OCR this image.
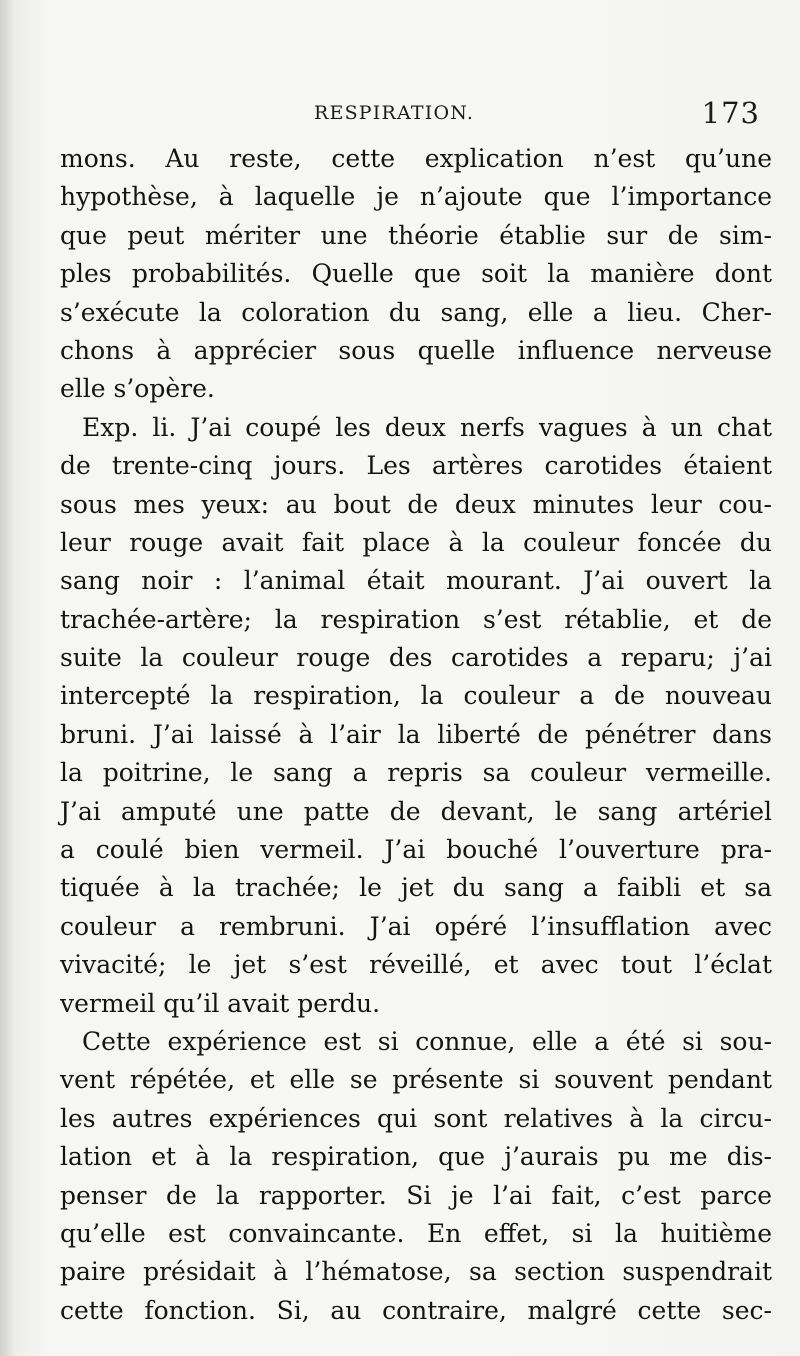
RESPIRATION.	173
mons. Au reste, cette explication n’est qu’une
hypothèse, à laquelle je n’ajoute que l’importance
que peut mériter une théorie établie sur de sim-
ples probabilités. Quelle que soit la manière dont
s’exécute la coloration du sang, elle a lieu. Cher-
chons à apprécier sous quelle influence nerveuse
elle s’opère.
Exp. li. J’ai coupé les deux nerfs vagues à un chat
de trente-cinq jours. Les artères carotides étaient
sous mes yeux: au bout de deux minutes leur cou-
leur rouge avait fait place à la couleur foncée du
sang noir : l’animal était mourant. J’ai ouvert la
trachée-artère; la respiration s’est rétablie, et de
suite la couleur rouge des carotides a reparu; j’ai
intercepté la respiration, la couleur a de nouveau
bruni. J’ai laissé à l’air la liberté de pénétrer dans
la poitrine, le sang a repris sa couleur vermeille.
J’ai amputé une patte de devant, le sang artériel
a coulé bien vermeil. J’ai bouché l’ouverture pra-
tiquée à la trachée; le jet du sang a faibli et sa
couleur a rembruni. J’ai opéré l’insufflation avec
vivacité; le jet s’est réveillé, et avec tout l’éclat
vermeil qu’il avait perdu.
Cette expérience est si connue, elle a été si sou-
vent répétée, et elle se présente si souvent pendant
les autres expériences qui sont relatives à la circu-
lation et à la respiration, que j’aurais pu me dis-
penser de la rapporter. Si je l’ai fait, c’est parce
qu’elle est convaincante. En effet, si la huitième
paire présidait à l’hématose, sa section suspendrait
cette fonction. Si, au contraire, malgré cette sec-
